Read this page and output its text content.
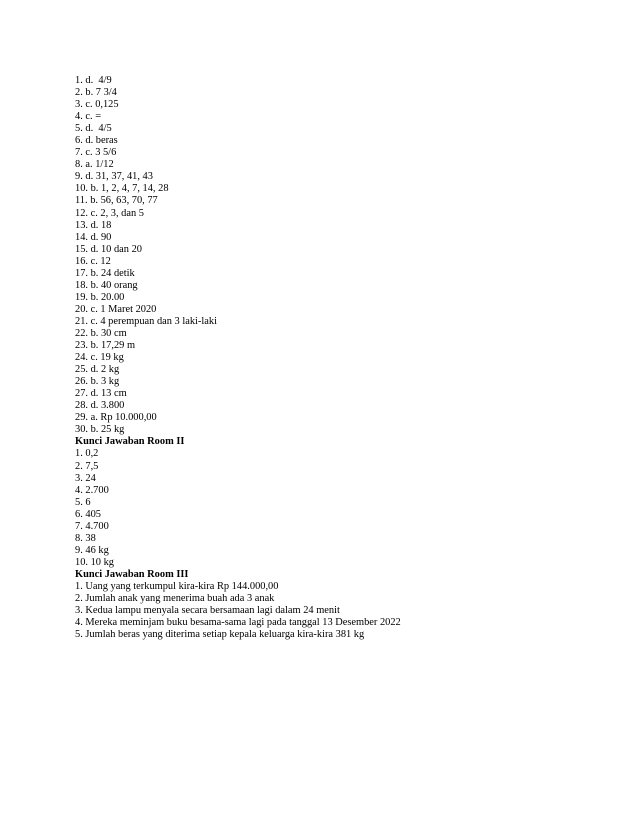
1. d.  4/9
2. b. 7 3/4
3. c. 0,125
4. c. =
5. d.  4/5
6. d. beras
7. c. 3 5/6
8. a. 1/12
9. d. 31, 37, 41, 43
10. b. 1, 2, 4, 7, 14, 28
11. b. 56, 63, 70, 77
12. c. 2, 3, dan 5
13. d. 18
14. d. 90
15. d. 10 dan 20
16. c. 12
17. b. 24 detik
18. b. 40 orang
19. b. 20.00
20. c. 1 Maret 2020
21. c. 4 perempuan dan 3 laki-laki
22. b. 30 cm
23. b. 17,29 m
24. c. 19 kg
25. d. 2 kg
26. b. 3 kg
27. d. 13 cm
28. d. 3.800
29. a. Rp 10.000,00
30. b. 25 kg
Kunci Jawaban Room II
1. 0,2
2. 7,5
3. 24
4. 2.700
5. 6
6. 405
7. 4.700
8. 38
9. 46 kg
10. 10 kg
Kunci Jawaban Room III
1. Uang yang terkumpul kira-kira Rp 144.000,00
2. Jumlah anak yang menerima buah ada 3 anak
3. Kedua lampu menyala secara bersamaan lagi dalam 24 menit
4. Mereka meminjam buku besama-sama lagi pada tanggal 13 Desember 2022
5. Jumlah beras yang diterima setiap kepala keluarga kira-kira 381 kg
